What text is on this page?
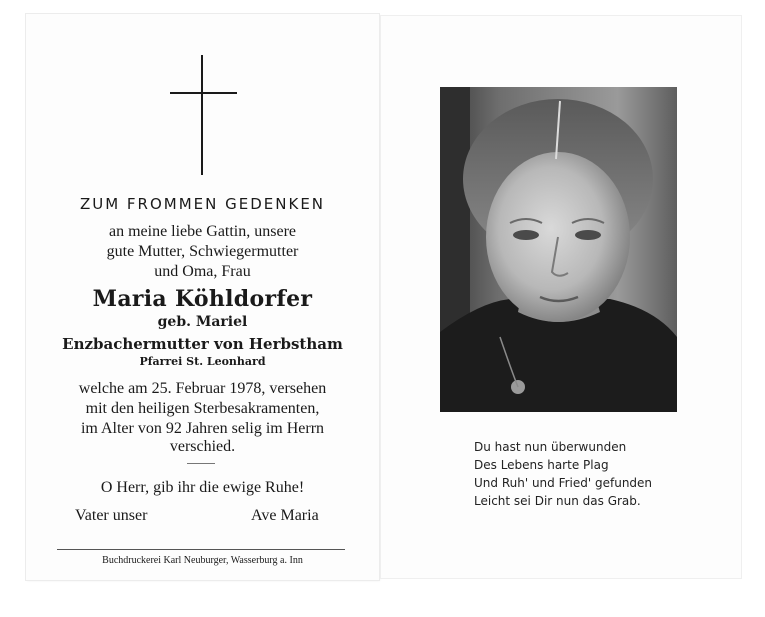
ZUM FROMMEN GEDENKEN
an meine liebe Gattin, unsere
gute Mutter, Schwiegermutter
und Oma, Frau
Maria Köhldorfer
geb. Mariel
Enzbachermutter von Herbstham
Pfarrei St. Leonhard
welche am 25. Februar 1978, versehen
mit den heiligen Sterbesakramenten,
im Alter von 92 Jahren selig im Herrn
verschied.
O Herr, gib ihr die ewige Ruhe!
Vater unser	Ave Maria
Buchdruckerei Karl Neuburger, Wasserburg a. Inn
Du hast nun überwunden
Des Lebens harte Plag
Und Ruh' und Fried' gefunden
Leicht sei Dir nun das Grab.
